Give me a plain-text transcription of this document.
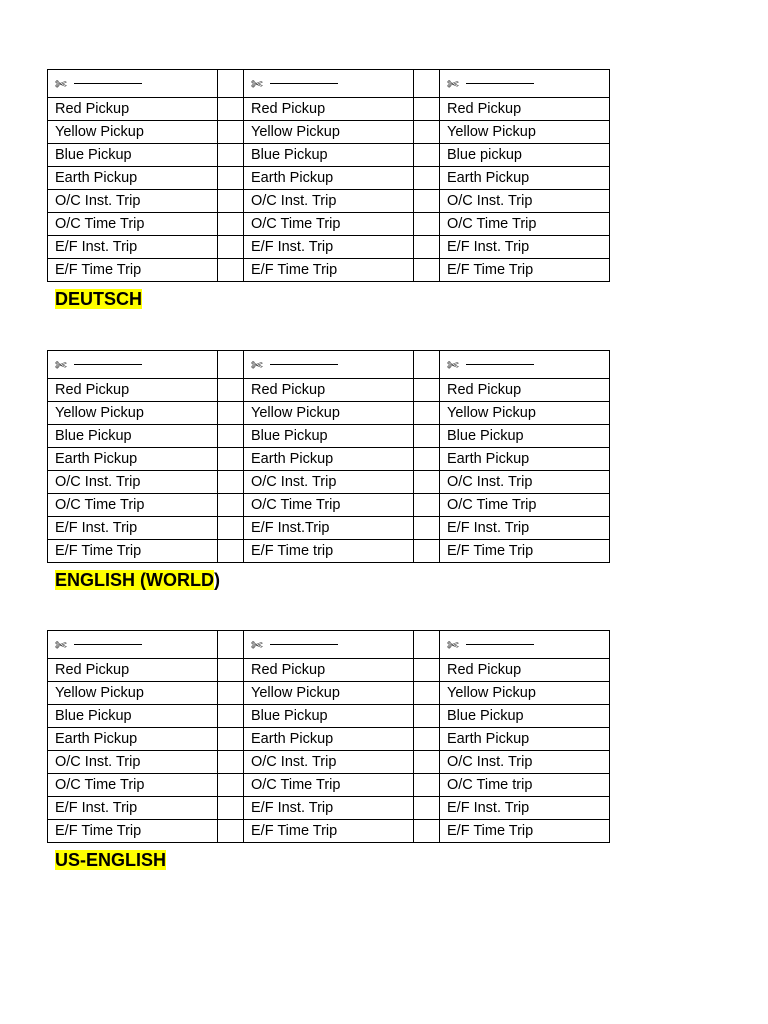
✄		✄		✄

Red Pickup		Red Pickup		Red Pickup
Yellow Pickup		Yellow Pickup		Yellow Pickup
Blue Pickup		Blue Pickup		Blue pickup
Earth Pickup		Earth Pickup		Earth Pickup
O/C Inst. Trip		O/C Inst. Trip		O/C Inst. Trip
O/C Time Trip		O/C Time Trip		O/C Time Trip
E/F Inst. Trip		E/F Inst. Trip		E/F Inst. Trip
E/F Time Trip		E/F Time Trip		E/F Time Trip
DEUTSCH
✄		✄		✄

Red Pickup		Red Pickup		Red Pickup
Yellow Pickup		Yellow Pickup		Yellow Pickup
Blue Pickup		Blue Pickup		Blue Pickup
Earth Pickup		Earth Pickup		Earth Pickup
O/C Inst. Trip		O/C Inst. Trip		O/C Inst. Trip
O/C Time Trip		O/C Time Trip		O/C Time Trip
E/F Inst. Trip		E/F Inst.Trip		E/F Inst. Trip
E/F Time Trip		E/F Time trip		E/F Time Trip
ENGLISH (WORLD)
✄		✄		✄

Red Pickup		Red Pickup		Red Pickup
Yellow Pickup		Yellow Pickup		Yellow Pickup
Blue Pickup		Blue Pickup		Blue Pickup
Earth Pickup		Earth Pickup		Earth Pickup
O/C Inst. Trip		O/C Inst. Trip		O/C Inst. Trip
O/C Time Trip		O/C Time Trip		O/C Time trip
E/F Inst. Trip		E/F Inst. Trip		E/F Inst. Trip
E/F Time Trip		E/F Time Trip		E/F Time Trip
US-ENGLISH
